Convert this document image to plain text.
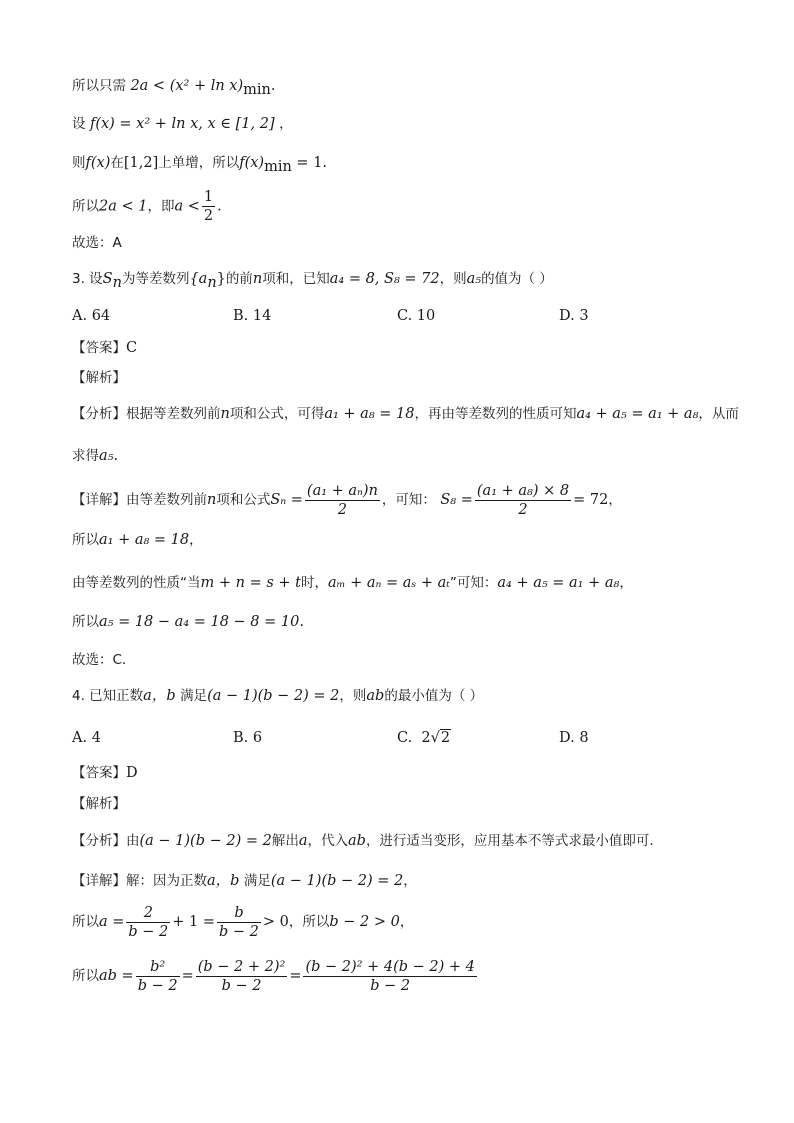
所以只需 $2a < (x^2 + \ln x)_{min}$.
设 f(x) = x² + ln x, x ∈ [1, 2] ，
则f(x)在[1,2]上单增，所以$f(x)_{min} = 1$.
所以2a < 1，即$a < \frac{1}{2}$ .
故选：A
3. 设$S_n$为等差数列$\{a_n\}$的前n项和，已知a₄ = 8, S₈ = 72，则a₅的值为（ ）
A. 64	B. 14	C. 10	D. 3
【答案】C
【解析】
【分析】根据等差数列前n项和公式，可得a₁ + a₈ = 18，再由等差数列的性质可知a₄ + a₅ = a₁ + a₈，从而
求得a₅.
【详解】由等差数列前n项和公式$S_n = \frac{\text{(a₁ + aₙ)n}}{2}$ ，可知： $S_8 = \frac{\text{(a₁ + a₈) × 8}}{2} = 72$，
所以a₁ + a₈ = 18，
由等差数列的性质“当m + n = s + t时，aₘ + aₙ = aₛ + aₜ”可知：a₄ + a₅ = a₁ + a₈，
所以a₅ = 18 − a₄ = 18 − 8 = 10.
故选：C.
4. 已知正数a，b 满足(a − 1)(b − 2) = 2，则ab的最小值为（ ）
A. 4	B. 6	C. 2√2	D. 8
【答案】D
【解析】
【分析】由(a − 1)(b − 2) = 2解出a，代入ab，进行适当变形，应用基本不等式求最小值即可.
【详解】解：因为正数a，b 满足(a − 1)(b − 2) = 2，
所以$a = \frac{2}{b - 2} + 1 = \frac{b}{b - 2} > 0$，所以b − 2 > 0，
所以ab = $\frac{\text{b²}}{b - 2} = \frac{\text{(b − 2 + 2)²}}{b - 2} = \frac{\text{(b − 2)² + 4(b − 2) + 4}}{b - 2}$
